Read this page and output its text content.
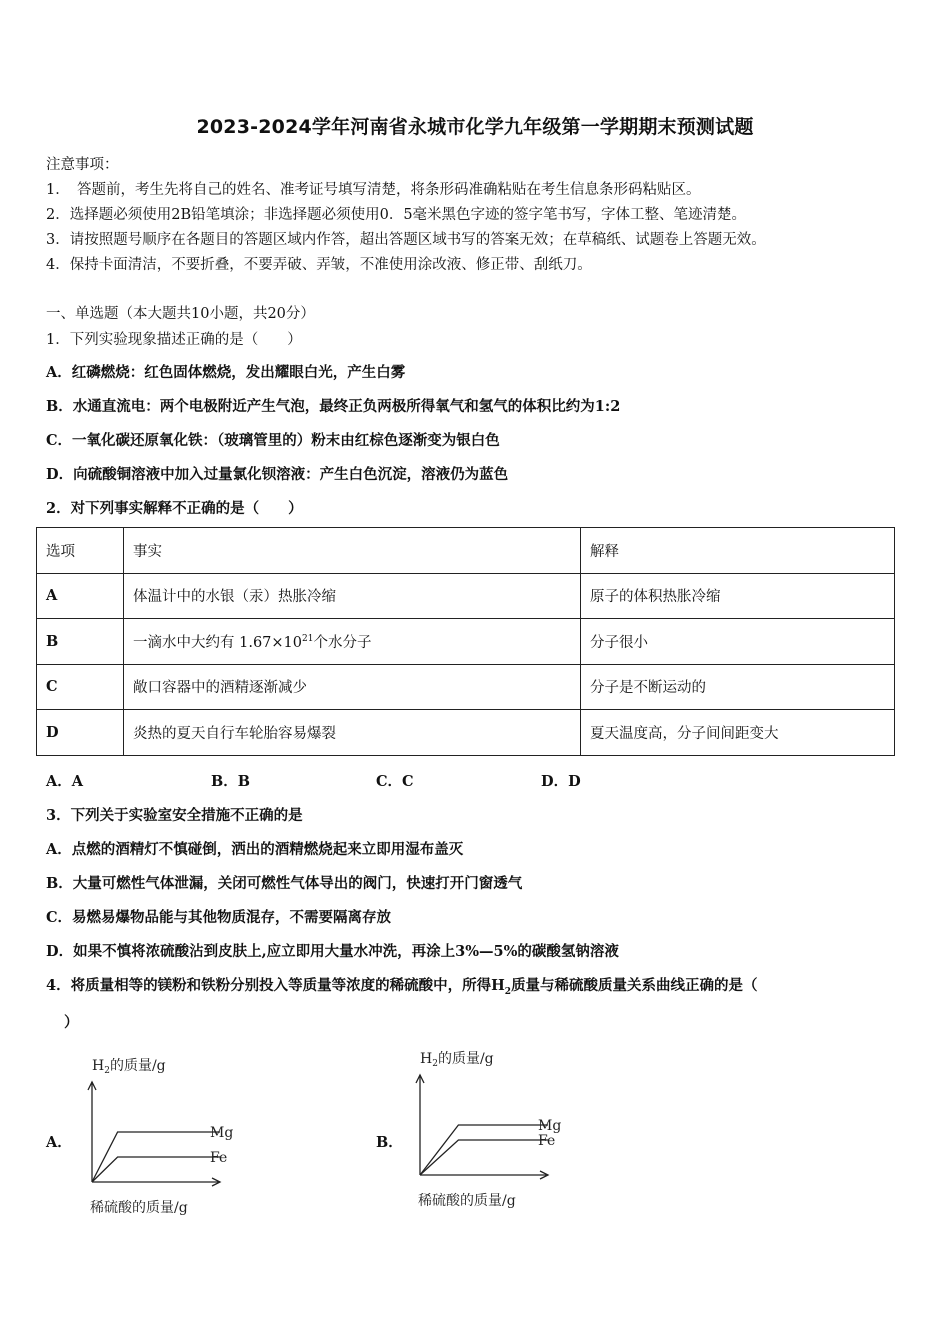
2023-2024学年河南省永城市化学九年级第一学期期末预测试题
注意事项：
1．　答题前，考生先将自己的姓名、准考证号填写清楚，将条形码准确粘贴在考生信息条形码粘贴区。
2．选择题必须使用2B铅笔填涂；非选择题必须使用0．5毫米黑色字迹的签字笔书写，字体工整、笔迹清楚。
3．请按照题号顺序在各题目的答题区域内作答，超出答题区域书写的答案无效；在草稿纸、试题卷上答题无效。
4．保持卡面清洁，不要折叠，不要弄破、弄皱，不准使用涂改液、修正带、刮纸刀。
一、单选题（本大题共10小题，共20分）
1．下列实验现象描述正确的是（　　）
A．红磷燃烧：红色固体燃烧，发出耀眼白光，产生白雾
B．水通直流电：两个电极附近产生气泡，最终正负两极所得氧气和氢气的体积比约为1:2
C．一氧化碳还原氧化铁：（玻璃管里的）粉末由红棕色逐渐变为银白色
D．向硫酸铜溶液中加入过量氯化钡溶液：产生白色沉淀，溶液仍为蓝色
2．对下列事实解释不正确的是（　　）
选项	事实	解释
A	体温计中的水银（汞）热胀冷缩	原子的体积热胀冷缩
B	一滴水中大约有 $1.67\times 10^{21}$个水分子	分子很小
C	敞口容器中的酒精逐渐减少	分子是不断运动的
D	炎热的夏天自行车轮胎容易爆裂	夏天温度高，分子间间距变大
A．A	B．B	C．C	D．D
3．下列关于实验室安全措施不正确的是
A．点燃的酒精灯不慎碰倒，洒出的酒精燃烧起来立即用湿布盖灭
B．大量可燃性气体泄漏，关闭可燃性气体导出的阀门，快速打开门窗透气
C．易燃易爆物品能与其他物质混存，不需要隔离存放
D．如果不慎将浓硫酸沾到皮肤上,应立即用大量水冲洗，再涂上3%—5%的碳酸氢钠溶液
4．将质量相等的镁粉和铁粉分别投入等质量等浓度的稀硫酸中，所得$H_2$质量与稀硫酸质量关系曲线正确的是（
）
A．
$H_2$的质量/g
稀硫酸的质量/g
Mg
Fe
B．
$H_2$的质量/g
稀硫酸的质量/g
Mg
Fe
